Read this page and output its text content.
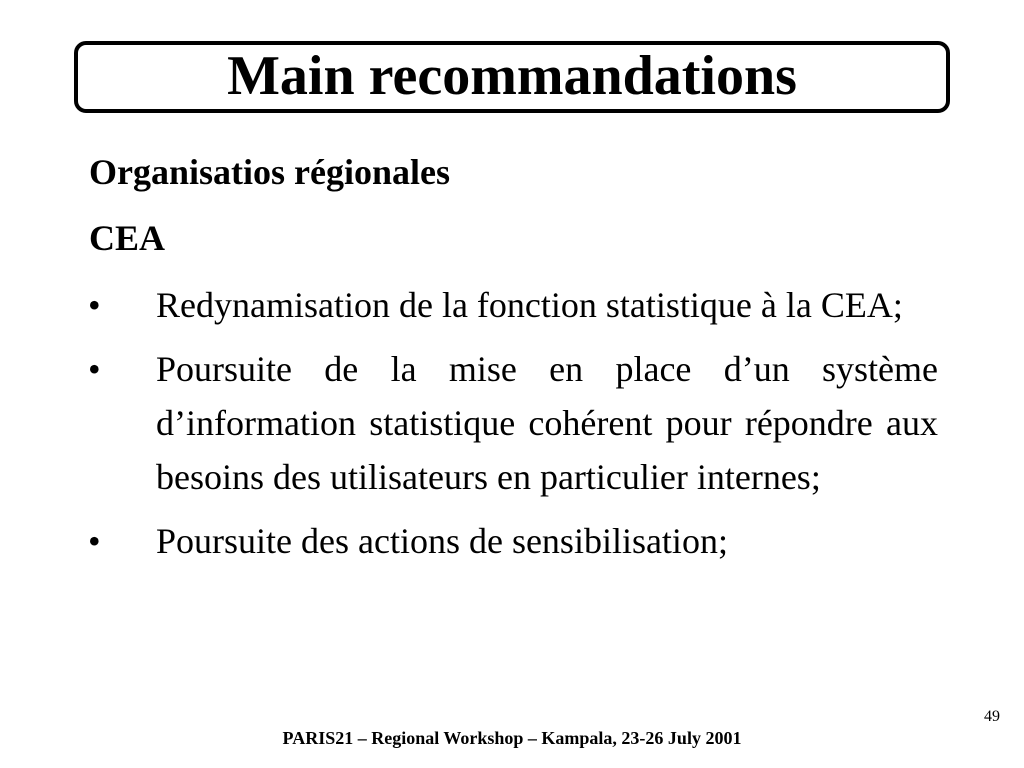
Main recommandations
Organisatios régionales
CEA
• Redynamisation de la fonction statistique à la CEA;
• Poursuite de la mise en place d’un système d’information statistique cohérent pour répondre aux besoins des utilisateurs en particulier internes;
• Poursuite des actions de sensibilisation;
49
PARIS21 – Regional Workshop – Kampala, 23-26 July 2001
